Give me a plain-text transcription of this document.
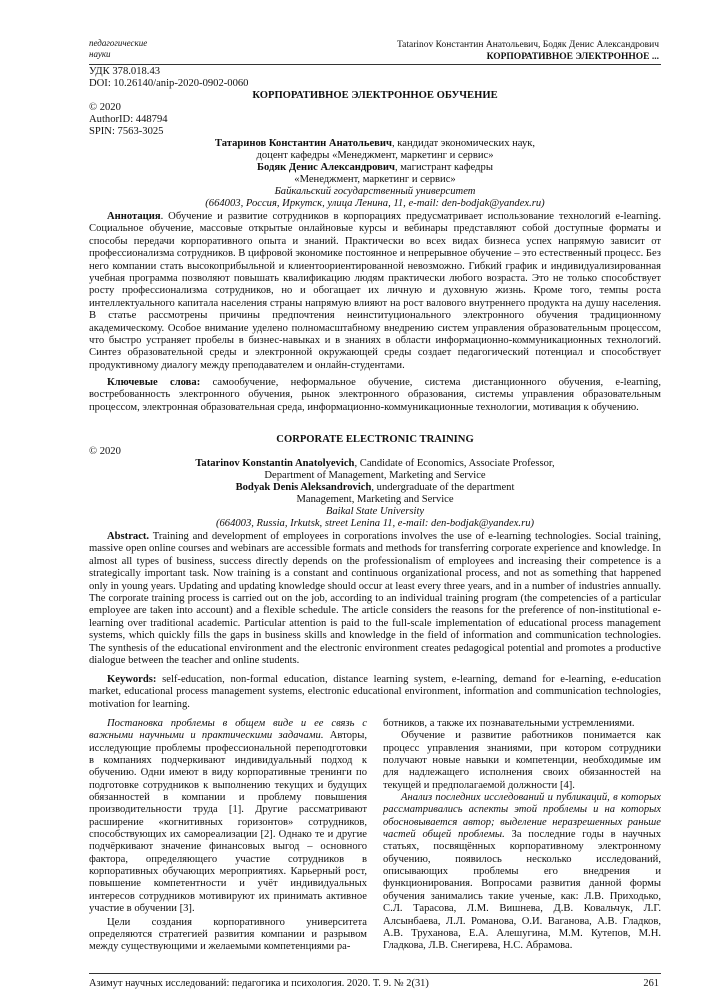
педагогические
науки
Tatarinov Константин Анатольевич, Бодяк Денис Александрович
КОРПОРАТИВНОЕ ЭЛЕКТРОННОЕ ...
УДК 378.018.43
DOI: 10.26140/anip-2020-0902-0060
КОРПОРАТИВНОЕ ЭЛЕКТРОННОЕ ОБУЧЕНИЕ
© 2020
AuthorID: 448794
SPIN: 7563-3025
Татаринов Константин Анатольевич, кандидат экономических наук,
доцент кафедры «Менеджмент, маркетинг и сервис»
Бодяк Денис Александрович, магистрант кафедры
«Менеджмент, маркетинг и сервис»
Байкальский государственный университет
(664003, Россия, Иркутск, улица Ленина, 11, e-mail: den-bodjak@yandex.ru)
Аннотация. Обучение и развитие сотрудников в корпорациях предусматривает использование технологий e-learning. Социальное обучение, массовые открытые онлайновые курсы и вебинары представляют собой доступные форматы и способы передачи корпоративного опыта и знаний. Практически во всех видах бизнеса успех напрямую зависит от профессионализма сотрудников. В цифровой экономике постоянное и непрерывное обучение – это естественный процесс. Без него компании стать высокоприбыльной и клиентоориентированной невозможно. Гибкий график и индивидуализированная учебная программа позволяют повышать квалификацию людям практически любого возраста. Это не только способствует росту профессионализма сотрудников, но и обогащает их личную и духовную жизнь. Кроме того, темпы роста интеллектуального капитала населения страны напрямую влияют на рост валового внутреннего продукта на душу населения. В статье рассмотрены причины предпочтения неинституционального электронного обучения традиционному академическому. Особое внимание уделено полномасштабному внедрению систем управления образовательным процессом, что быстро устраняет пробелы в бизнес-навыках и в знаниях в области информационно-коммуникационных технологий. Синтез образовательной среды и электронной окружающей среды создает педагогический потенциал и способствует продуктивному диалогу между преподавателем и онлайн-студентами.
Ключевые слова: самообучение, неформальное обучение, система дистанционного обучения, e-learning, востребованность электронного обучения, рынок электронного образования, системы управления образовательным процессом, электронная образовательная среда, информационно-коммуникационные технологии, мотивация к обучению.
CORPORATE ELECTRONIC TRAINING
© 2020
Tatarinov Konstantin Anatolyevich, Candidate of Economics, Associate Professor,
Department of Management, Marketing and Service
Bodyak Denis Aleksandrovich, undergraduate of the department
Management, Marketing and Service
Baikal State University
(664003, Russia, Irkutsk, street Lenina 11, e-mail: den-bodjak@yandex.ru)
Abstract. Training and development of employees in corporations involves the use of e-learning technologies. Social training, massive open online courses and webinars are accessible formats and methods for transferring corporate experience and knowledge. In almost all types of business, success directly depends on the professionalism of employees and increasing their competence is a strategically important task. Now training is a constant and continuous organizational process, and not as something that happened only in young years. Updating and updating knowledge should occur at least every three years, and in a number of industries annually. The corporate training process is carried out on the job, according to an individual training program (the competencies of a particular employee are taken into account) and a flexible schedule. The article considers the reasons for the preference of non-institutional e-learning over traditional academic. Particular attention is paid to the full-scale implementation of educational process management systems, which quickly fills the gaps in business skills and knowledge in the field of information and communication technologies. The synthesis of the educational environment and the electronic environment creates pedagogical potential and promotes a productive dialogue between the teacher and online students.
Keywords: self-education, non-formal education, distance learning system, e-learning, demand for e-learning, e-education market, educational process management systems, electronic educational environment, information and communication technologies, motivation for learning.

Постановка проблемы в общем виде и ее связь с важными научными и практическими задачами. Авторы, исследующие проблемы профессиональной переподготовки в компаниях подчеркивают индивидуальный подход к обучению. Одни имеют в виду корпоративные тренинги по подготовке сотрудников к выполнению текущих и будущих обязанностей в компании и проблему повышения производительности труда [1]. Другие рассматривают расширение «когнитивных горизонтов» сотрудников, способствующих их самореализации [2]. Однако те и другие подчёркивают значение финансовых выгод – основного фактора, определяющего участие сотрудников в корпоративных обучающих мероприятиях. Карьерный рост, повышение компетентности и учёт индивидуальных интересов сотрудников мотивируют их принимать активное участие в обучении [3].

Цели создания корпоративного университета определяются стратегией развития компании и разрывом между существующими и желаемыми компетенциями ра-

ботников, а также их познавательными устремлениями.

Обучение и развитие работников понимается как процесс управления знаниями, при котором сотрудники получают новые навыки и компетенции, необходимые им для надлежащего исполнения своих обязанностей на текущей и предполагаемой должности [4].

Анализ последних исследований и публикаций, в которых рассматривались аспекты этой проблемы и на которых обосновывается автор; выделение неразрешенных раньше частей общей проблемы. За последние годы в научных статьях, посвящённых корпоративному электронному обучению, появилось несколько исследований, описывающих проблемы его внедрения и функционирования. Вопросами развития данной формы обучения занимались такие ученые, как: Л.В. Приходько, С.Л. Тарасова, Л.М. Вишнева, Д.В. Ковальчук, Л.Г. Алсынбаева, Л.Л. Романова, О.И. Ваганова, А.В. Гладков, А.В. Труханова, Е.А. Алешугина, М.М. Кутепов, М.Н. Гладкова, Л.В. Снегирева, Н.С. Абрамова.

Азимут научных исследований: педагогика и психология. 2020. Т. 9. № 2(31)	261
